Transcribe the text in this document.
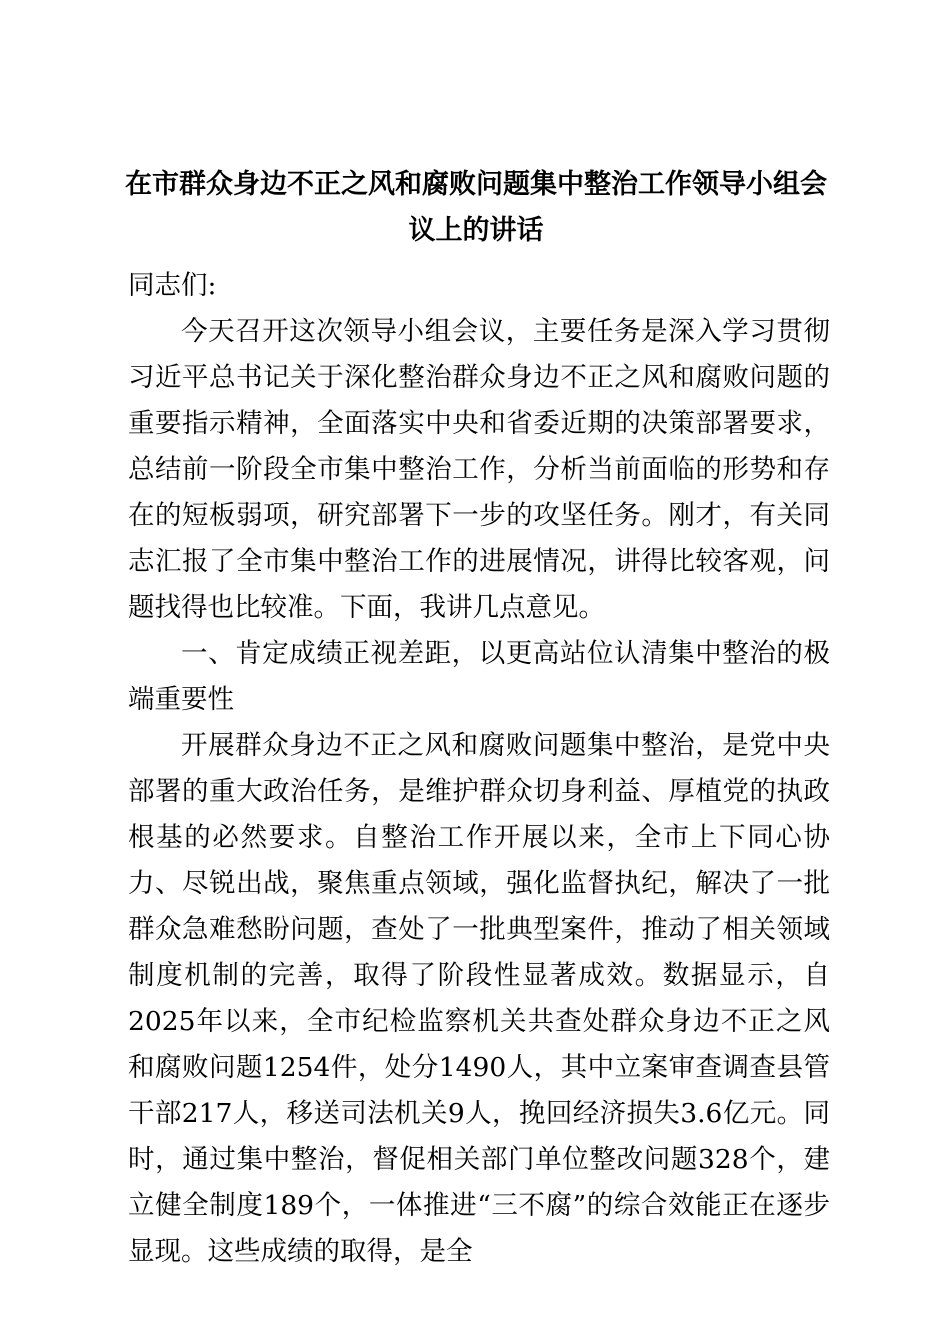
在市群众身边不正之风和腐败问题集中整治工作领导小组会议上的讲话

同志们:

今天召开这次领导小组会议，主要任务是深入学习贯彻习近平总书记关于深化整治群众身边不正之风和腐败问题的重要指示精神，全面落实中央和省委近期的决策部署要求，总结前一阶段全市集中整治工作，分析当前面临的形势和存在的短板弱项，研究部署下一步的攻坚任务。刚才，有关同志汇报了全市集中整治工作的进展情况，讲得比较客观，问题找得也比较准。下面，我讲几点意见。

一、肯定成绩正视差距，以更高站位认清集中整治的极端重要性

开展群众身边不正之风和腐败问题集中整治，是党中央部署的重大政治任务，是维护群众切身利益、厚植党的执政根基的必然要求。自整治工作开展以来，全市上下同心协力、尽锐出战，聚焦重点领域，强化监督执纪，解决了一批群众急难愁盼问题，查处了一批典型案件，推动了相关领域制度机制的完善，取得了阶段性显著成效。数据显示，自2025年以来，全市纪检监察机关共查处群众身边不正之风和腐败问题1254件，处分1490人，其中立案审查调查县管干部217人，移送司法机关9人，挽回经济损失3.6亿元。同时，通过集中整治，督促相关部门单位整改问题328个，建立健全制度189个，一体推进“三不腐”的综合效能正在逐步显现。这些成绩的取得，是全
